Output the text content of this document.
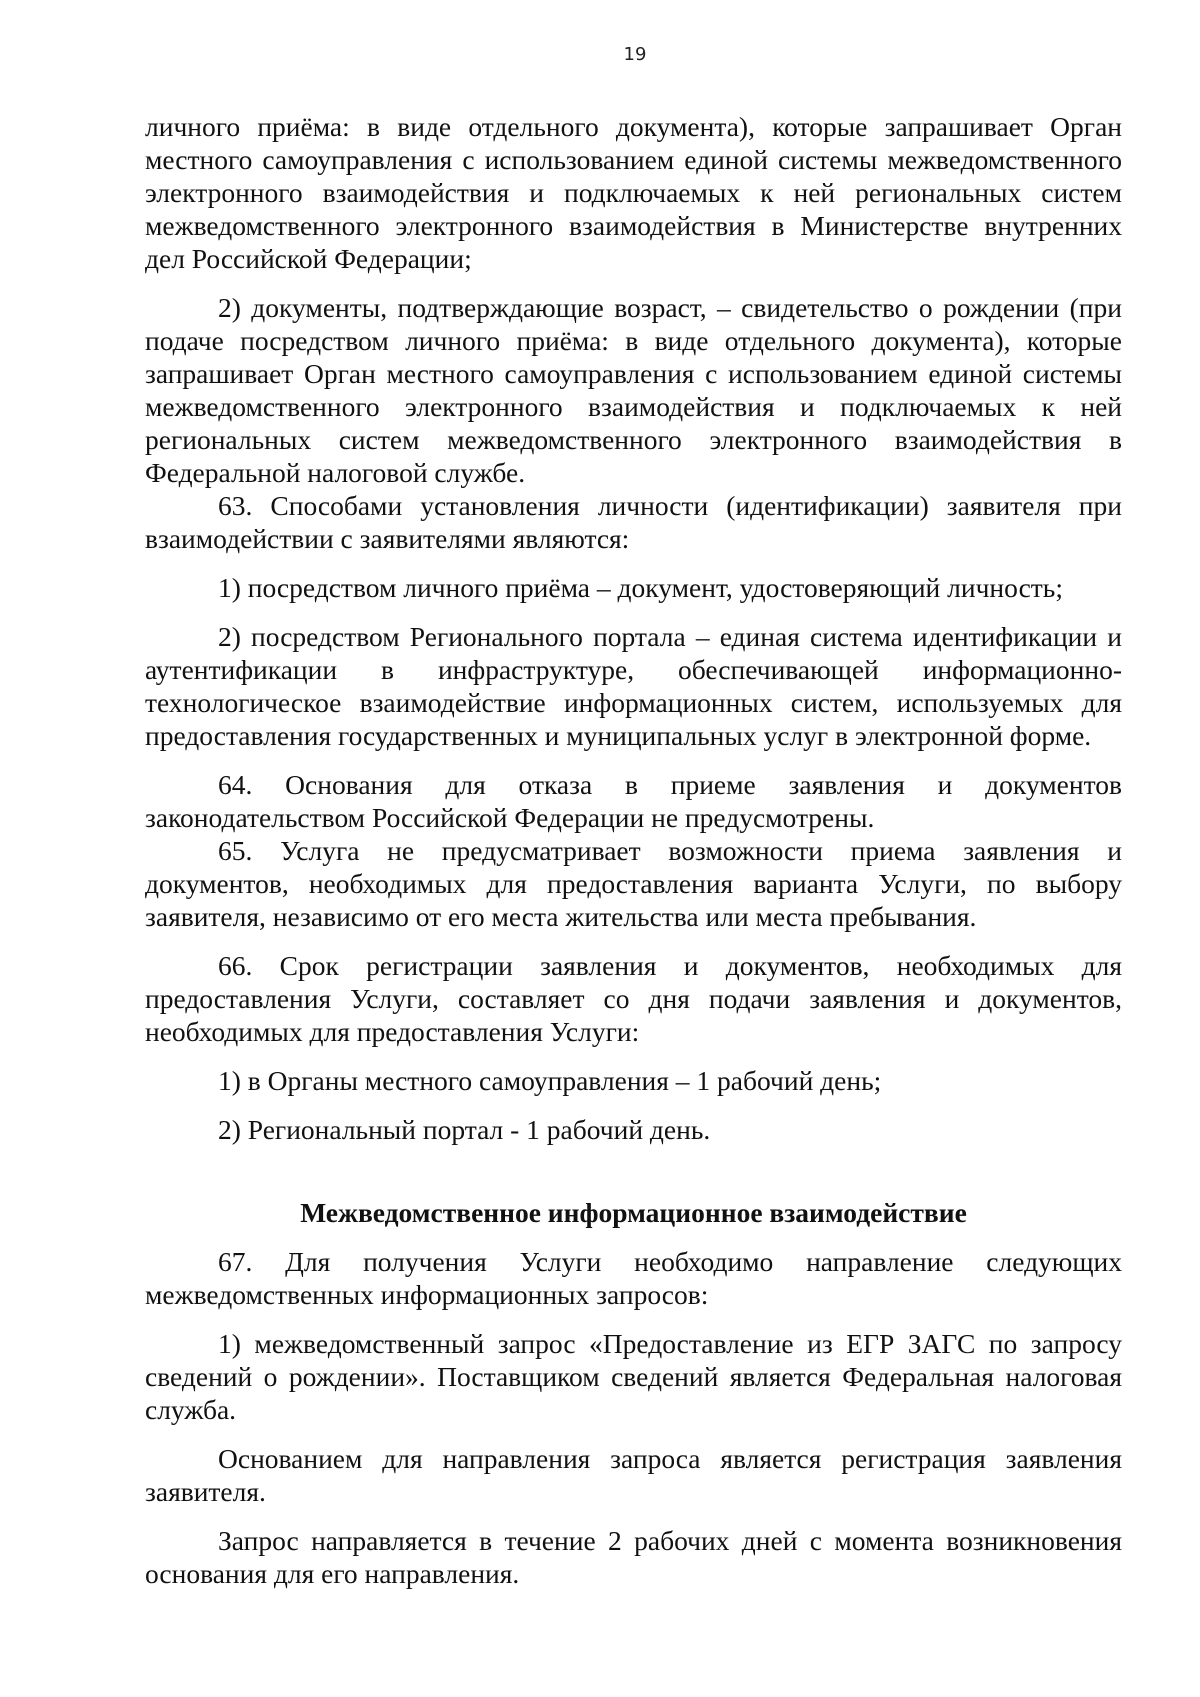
19

личного приёма: в виде отдельного документа), которые запрашивает Орган местного самоуправления с использованием единой системы межведомственного электронного взаимодействия и подключаемых к ней региональных систем межведомственного электронного взаимодействия в Министерстве внутренних дел Российской Федерации;

2) документы, подтверждающие возраст, – свидетельство о рождении (при подаче посредством личного приёма: в виде отдельного документа), которые запрашивает Орган местного самоуправления с использованием единой системы межведомственного электронного взаимодействия и подключаемых к ней региональных систем межведомственного электронного взаимодействия в Федеральной налоговой службе.

63. Способами установления личности (идентификации) заявителя при взаимодействии с заявителями являются:

1) посредством личного приёма – документ, удостоверяющий личность;

2) посредством Регионального портала – единая система идентификации и аутентификации в инфраструктуре, обеспечивающей информационно-технологическое взаимодействие информационных систем, используемых для предоставления государственных и муниципальных услуг в электронной форме.

64. Основания для отказа в приеме заявления и документов законодательством Российской Федерации не предусмотрены.

65. Услуга не предусматривает возможности приема заявления и документов, необходимых для предоставления варианта Услуги, по выбору заявителя, независимо от его места жительства или места пребывания.

66. Срок регистрации заявления и документов, необходимых для предоставления Услуги, составляет со дня подачи заявления и документов, необходимых для предоставления Услуги:

1) в Органы местного самоуправления – 1 рабочий день;

2) Региональный портал - 1 рабочий день.

Межведомственное информационное взаимодействие

67. Для получения Услуги необходимо направление следующих межведомственных информационных запросов:

1) межведомственный запрос «Предоставление из ЕГР ЗАГС по запросу сведений о рождении». Поставщиком сведений является Федеральная налоговая служба.

Основанием для направления запроса является регистрация заявления заявителя.

Запрос направляется в течение 2 рабочих дней с момента возникновения основания для его направления.
